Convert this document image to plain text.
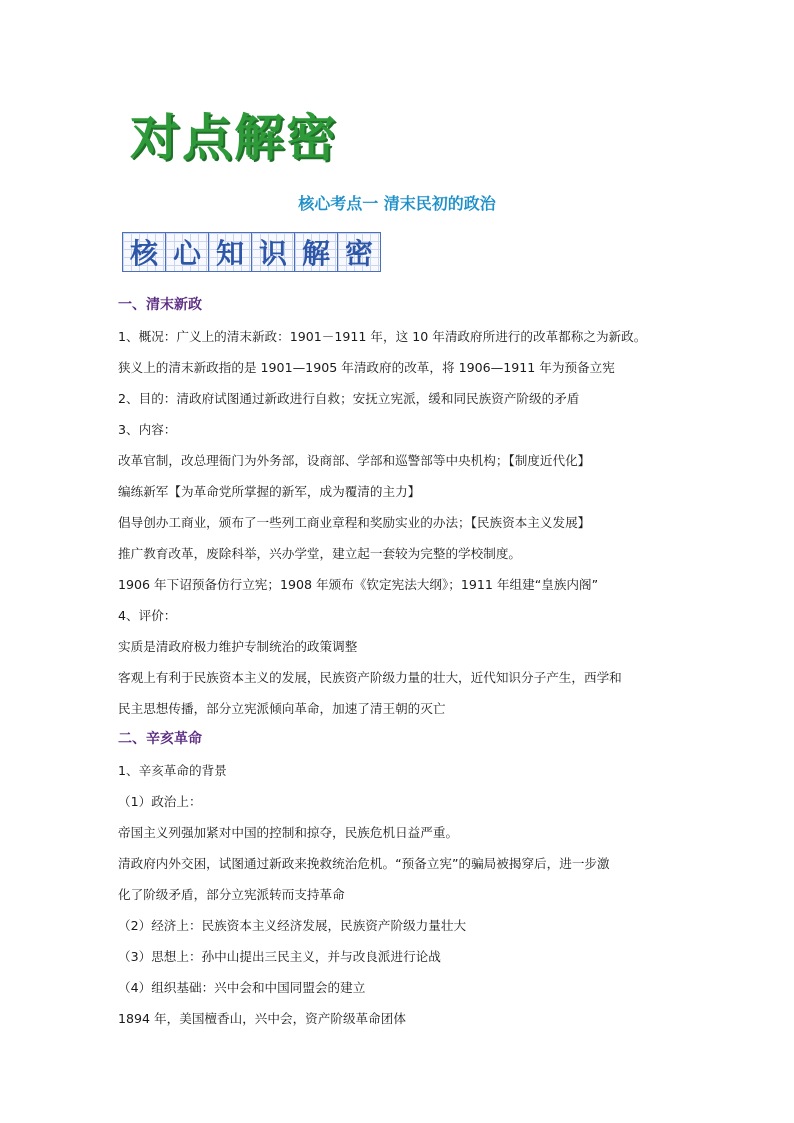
对点解密
核心考点一 清末民初的政治
核 心 知 识 解 密
一、清末新政
1、概况：广义上的清末新政：1901－1911 年，这 10 年清政府所进行的改革都称之为新政。
狭义上的清末新政指的是 1901—1905 年清政府的改革，将 1906—1911 年为预备立宪
2、目的：清政府试图通过新政进行自救；安抚立宪派，缓和同民族资产阶级的矛盾
3、内容：
改革官制，改总理衙门为外务部，设商部、学部和巡警部等中央机构；【制度近代化】
编练新军【为革命党所掌握的新军，成为覆清的主力】
倡导创办工商业，颁布了一些列工商业章程和奖励实业的办法；【民族资本主义发展】
推广教育改革，废除科举，兴办学堂，建立起一套较为完整的学校制度。
1906 年下诏预备仿行立宪；1908 年颁布《钦定宪法大纲》；1911 年组建“皇族内阁”
4、评价：
实质是清政府极力维护专制统治的政策调整
客观上有利于民族资本主义的发展，民族资产阶级力量的壮大，近代知识分子产生，西学和
民主思想传播，部分立宪派倾向革命，加速了清王朝的灭亡
二、辛亥革命
1、辛亥革命的背景
（1）政治上：
帝国主义列强加紧对中国的控制和掠夺，民族危机日益严重。
清政府内外交困，试图通过新政来挽救统治危机。“预备立宪”的骗局被揭穿后，进一步激
化了阶级矛盾，部分立宪派转而支持革命
（2）经济上：民族资本主义经济发展，民族资产阶级力量壮大
（3）思想上：孙中山提出三民主义，并与改良派进行论战
（4）组织基础：兴中会和中国同盟会的建立
1894 年，美国檀香山，兴中会，资产阶级革命团体
